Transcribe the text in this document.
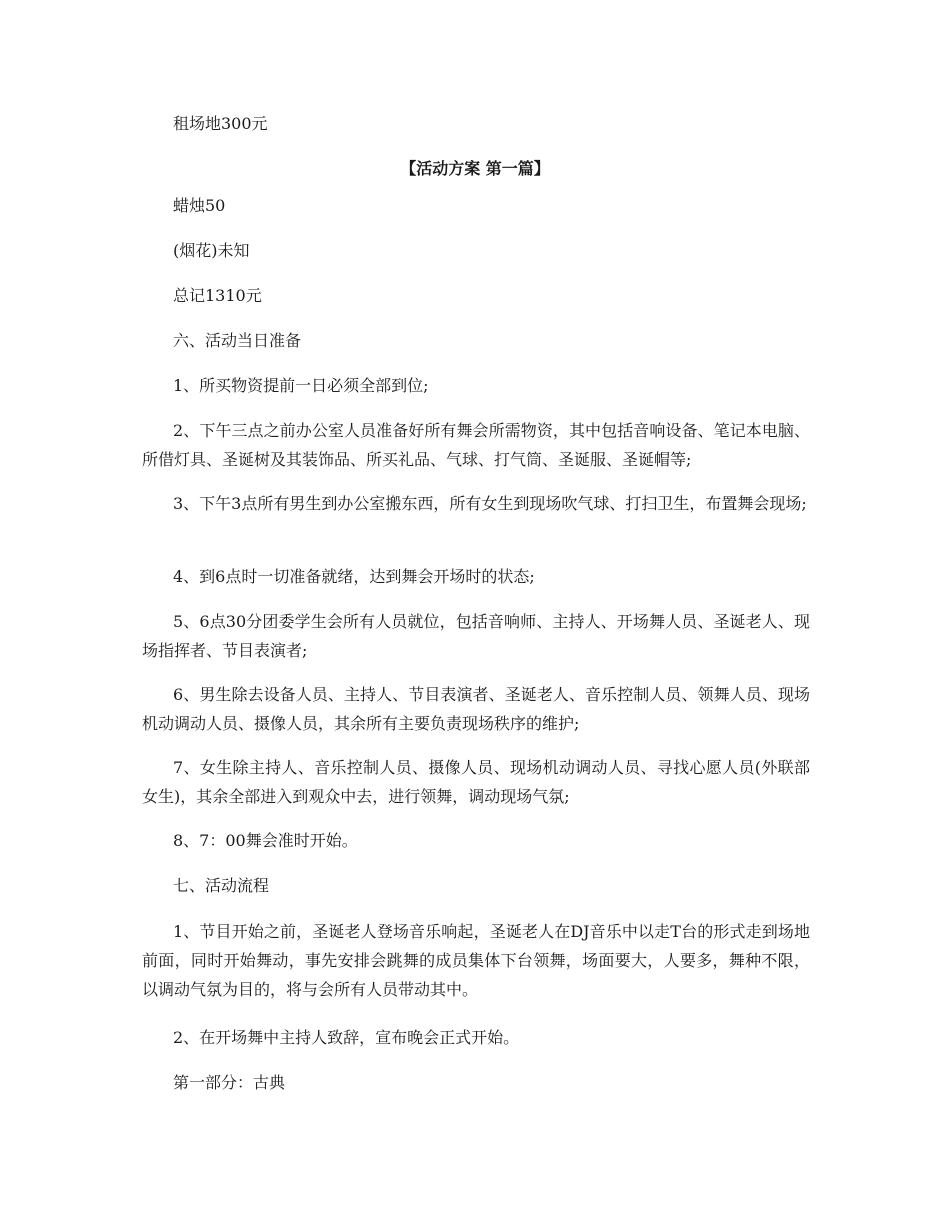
租场地300元
【活动方案 第一篇】
蜡烛50
(烟花)未知
总记1310元
六、活动当日准备
1、所买物资提前一日必须全部到位;
2、下午三点之前办公室人员准备好所有舞会所需物资，其中包括音响设备、笔记本电脑、所借灯具、圣诞树及其装饰品、所买礼品、气球、打气筒、圣诞服、圣诞帽等;
3、下午3点所有男生到办公室搬东西，所有女生到现场吹气球、打扫卫生，布置舞会现场;
4、到6点时一切准备就绪，达到舞会开场时的状态;
5、6点30分团委学生会所有人员就位，包括音响师、主持人、开场舞人员、圣诞老人、现场指挥者、节目表演者;
6、男生除去设备人员、主持人、节目表演者、圣诞老人、音乐控制人员、领舞人员、现场机动调动人员、摄像人员，其余所有主要负责现场秩序的维护;
7、女生除主持人、音乐控制人员、摄像人员、现场机动调动人员、寻找心愿人员(外联部女生)，其余全部进入到观众中去，进行领舞，调动现场气氛;
8、7：00舞会准时开始。
七、活动流程
1、节目开始之前，圣诞老人登场音乐响起，圣诞老人在DJ音乐中以走T台的形式走到场地前面，同时开始舞动，事先安排会跳舞的成员集体下台领舞，场面要大，人要多，舞种不限，以调动气氛为目的，将与会所有人员带动其中。
2、在开场舞中主持人致辞，宣布晚会正式开始。
第一部分：古典
